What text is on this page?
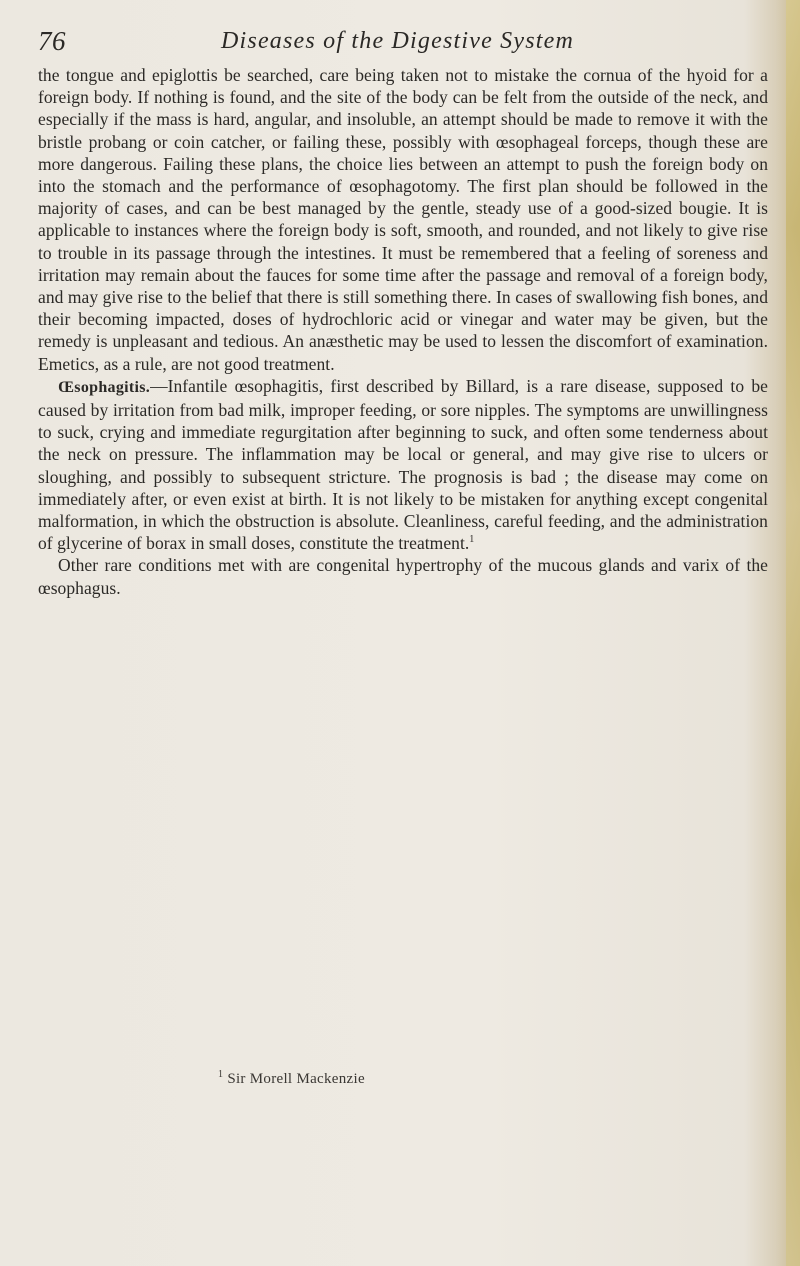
76	Diseases of the Digestive System

the tongue and epiglottis be searched, care being taken not to mistake the cornua of the hyoid for a foreign body. If nothing is found, and the site of the body can be felt from the outside of the neck, and especially if the mass is hard, angular, and insoluble, an attempt should be made to remove it with the bristle probang or coin catcher, or failing these, possibly with œsophageal forceps, though these are more dangerous. Failing these plans, the choice lies between an attempt to push the foreign body on into the stomach and the performance of œsophagotomy. The first plan should be followed in the majority of cases, and can be best managed by the gentle, steady use of a good-sized bougie. It is applicable to instances where the foreign body is soft, smooth, and rounded, and not likely to give rise to trouble in its passage through the intestines. It must be remembered that a feeling of soreness and irritation may remain about the fauces for some time after the passage and removal of a foreign body, and may give rise to the belief that there is still something there. In cases of swallowing fish bones, and their becoming impacted, doses of hydrochloric acid or vinegar and water may be given, but the remedy is unpleasant and tedious. An anæsthetic may be used to lessen the discomfort of examination. Emetics, as a rule, are not good treatment.

Œsophagitis.—Infantile œsophagitis, first described by Billard, is a rare disease, supposed to be caused by irritation from bad milk, improper feeding, or sore nipples. The symptoms are unwillingness to suck, crying and immediate regurgitation after beginning to suck, and often some tenderness about the neck on pressure. The inflammation may be local or general, and may give rise to ulcers or sloughing, and possibly to subsequent stricture. The prognosis is bad ; the disease may come on immediately after, or even exist at birth. It is not likely to be mistaken for anything except congenital malformation, in which the obstruction is absolute. Cleanliness, careful feeding, and the administration of glycerine of borax in small doses, constitute the treatment.$^1$

Other rare conditions met with are congenital hypertrophy of the mucous glands and varix of the œsophagus.

$^1$ Sir Morell Mackenzie
